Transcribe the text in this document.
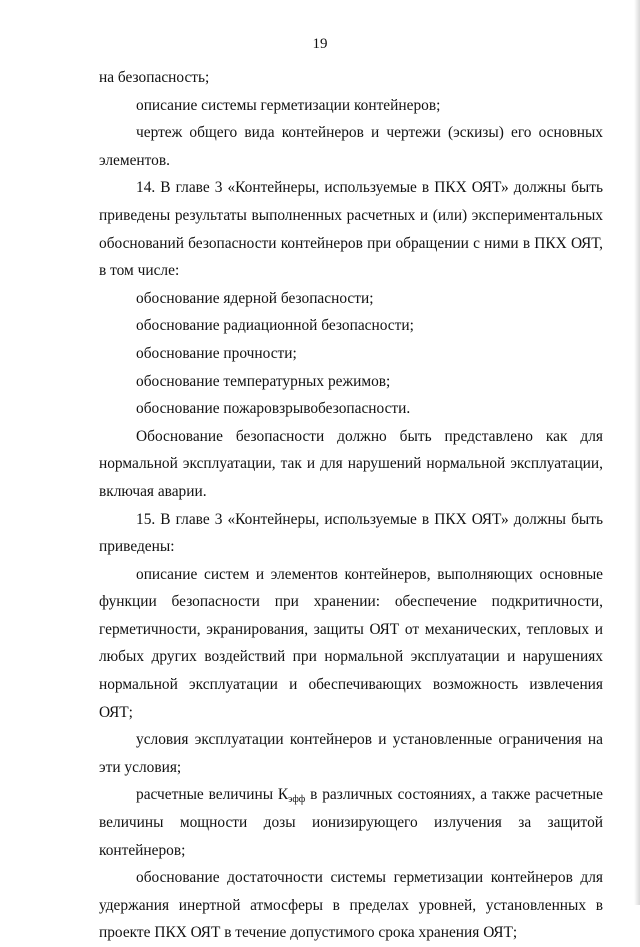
19

на безопасность;

описание системы герметизации контейнеров;

чертеж общего вида контейнеров и чертежи (эскизы) его основных элементов.

14. В главе 3 «Контейнеры, используемые в ПКХ ОЯТ» должны быть приведены результаты выполненных расчетных и (или) экспериментальных обоснований безопасности контейнеров при обращении с ними в ПКХ ОЯТ, в том числе:

обоснование ядерной безопасности;

обоснование радиационной безопасности;

обоснование прочности;

обоснование температурных режимов;

обоснование пожаровзрывобезопасности.

Обоснование безопасности должно быть представлено как для нормальной эксплуатации, так и для нарушений нормальной эксплуатации, включая аварии.

15. В главе 3 «Контейнеры, используемые в ПКХ ОЯТ» должны быть приведены:

описание систем и элементов контейнеров, выполняющих основные функции безопасности при хранении: обеспечение подкритичности, герметичности, экранирования, защиты ОЯТ от механических, тепловых и любых других воздействий при нормальной эксплуатации и нарушениях нормальной эксплуатации и обеспечивающих возможность извлечения ОЯТ;

условия эксплуатации контейнеров и установленные ограничения на эти условия;

расчетные величины $К_{эфф}$ в различных состояниях, а также расчетные величины мощности дозы ионизирующего излучения за защитой контейнеров;

обоснование достаточности системы герметизации контейнеров для удержания инертной атмосферы в пределах уровней, установленных в проекте ПКХ ОЯТ в течение допустимого срока хранения ОЯТ;
